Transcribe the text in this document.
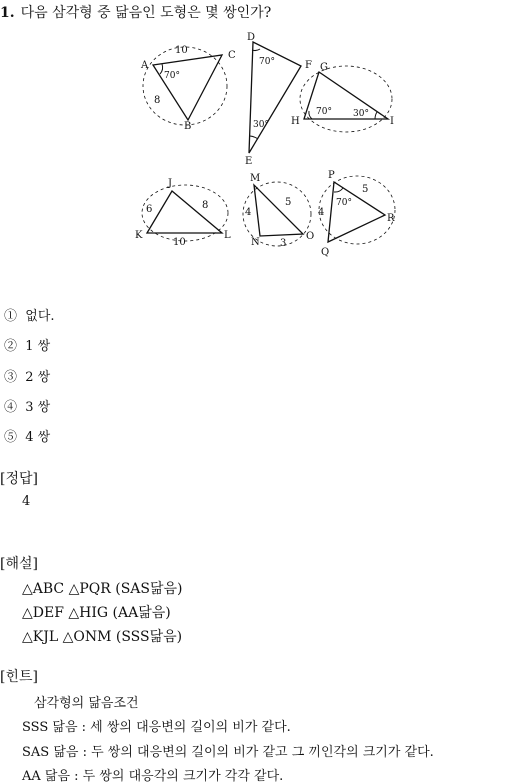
1. 다음 삼각형 중 닮음인 도형은 몇 쌍인가?
A
B
C
10
8
70°
D
E
F
70°
30°
G
H	I
70° 30°
J
K	L
6	8
10
M
N
O
4
5
3
P
Q
R
4
5
70°
① 없다.
② 1 쌍
③ 2 쌍
④ 3 쌍
⑤ 4 쌍
[정답]
4
[해설]
△ABC △PQR (SAS닮음)
△DEF △HIG (AA닮음)
△KJL △ONM (SSS닮음)
[힌트]
삼각형의 닮음조건
SSS 닮음 : 세 쌍의 대응변의 길이의 비가 같다.
SAS 닮음 : 두 쌍의 대응변의 길이의 비가 같고 그 끼인각의 크기가 같다.
AA 닮음 : 두 쌍의 대응각의 크기가 각각 같다.
